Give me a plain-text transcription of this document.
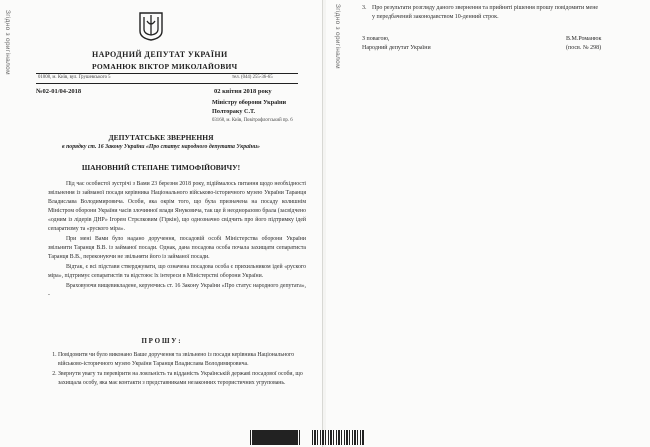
Згідно з оригіналом	НАРОДНИЙ ДЕПУТАТ УКРАЇНИ
РОМАНЮК ВІКТОР МИКОЛАЙОВИЧ
01008, м. Київ, вул. Грушевського 5	тел. (044) 255-36-65
№02-01/04-2018	02 квітня 2018 року
Міністру оборони України
Полтораку С.Т.
03168, м. Київ, Повітрофлотський пр. 6
ДЕПУТАТСЬКЕ ЗВЕРНЕННЯ
в порядку ст. 16 Закону України «Про статус народного депутата України»
ШАНОВНИЙ СТЕПАНЕ ТИМОФІЙОВИЧУ!

Під час особистої зустрічі з Вами 23 березня 2018 року, підіймалось питання щодо необхідності звільнення із займаної посади керівника Національного військово-історичного музею України Таранця Владислава Володимировича. Особи, яка окрім того, що була призначена на посаду колишнім Міністром оборони України часів злочинної влади Януковича, так ще й неодноразово брала (засвідчено «одним із лідерів ДНР» Ігорем Стрєлковим (Гіркін), що однозначно свідчить про його підтримку ідей сепаратизму та «руского міра».

При мені Вами було надано доручення, посадовій особі Міністерства оборони України звільнити Таранця В.В. із займаної посади. Однак, дана посадова особа почала захищати сепаратиста Таранця В.В., переконуючи не звільняти його із займаної посади.

Відтак, є всі підстави стверджувати, що означена посадова особа є прихильником ідей «руского міра», підтримує сепаратистів та відстоює їх інтереси в Міністерстві оборони України.

Враховуючи вищевикладене, керуючись ст. 16 Закону України «Про статус народного депутата», -

П Р О Ш У :
1. Повідомити чи було виконано Ваше доручення та звільнено із посади керівника Національного військово-історичного музею України Таранця Владислава Володимировича.
2. Звернути увагу та перевірити на лояльність та відданість Українській державі посадової особи, що захищала особу, яка має контакти з представниками незаконних терористичних угруповань.
Згідно з оригіналом	3. Про результати розгляду даного звернення та прийняті рішення прошу повідомити мене у передбачений законодавством 10-денний строк.
З повагою,
Народний депутат України
В.М.Романюк
(посв. № 298)
